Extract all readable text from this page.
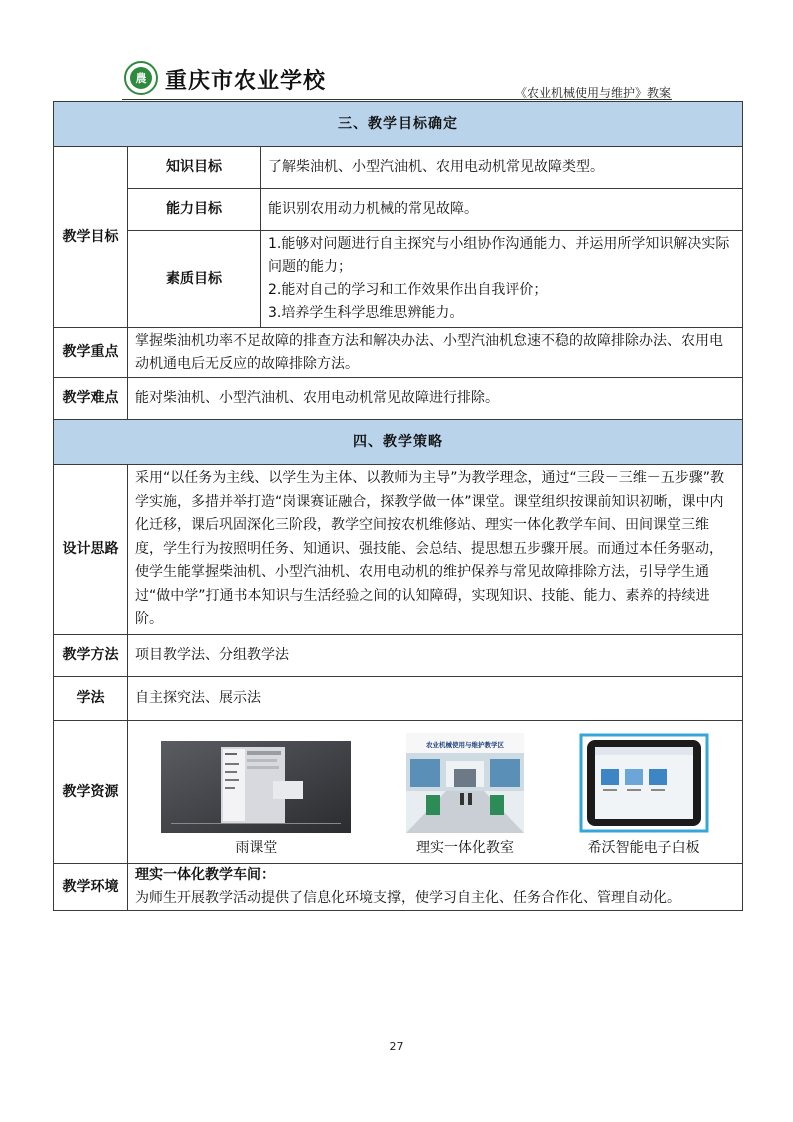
農 重庆市农业学校	《农业机械使用与维护》教案
三、教学目标确定		
教学目标	知识目标	了解柴油机、小型汽油机、农用电动机常见故障类型。
	能力目标	能识别农用动力机械的常见故障。
	素质目标	1.能够对问题进行自主探究与小组协作沟通能力、并运用所学知识解决实际问题的能力；
2.能对自己的学习和工作效果作出自我评价；
3.培养学生科学思维思辨能力。

教学重点	掌握柴油机功率不足故障的排查方法和解决办法、小型汽油机怠速不稳的故障排除办法、农用电动机通电后无反应的故障排除方法。	
教学难点	能对柴油机、小型汽油机、农用电动机常见故障进行排除。	
四、教学策略		
设计思路	采用“以任务为主线、以学生为主体、以教师为主导”为教学理念，通过“三段－三维－五步骤”教学实施，多措并举打造“岗课赛证融合，探教学做一体”课堂。课堂组织按课前知识初晰，课中内化迁移，课后巩固深化三阶段，教学空间按农机维修站、理实一体化教学车间、田间课堂三维度，学生行为按照明任务、知通识、强技能、会总结、提思想五步骤开展。而通过本任务驱动，使学生能掌握柴油机、小型汽油机、农用电动机的维护保养与常见故障排除方法，引导学生通过“做中学”打通书本知识与生活经验之间的认知障碍，实现知识、技能、能力、素养的持续进阶。	
教学方法	项目教学法、分组教学法	
学法	自主探究法、展示法	
教学资源	雨课堂
农业机械使用与维护教学区
理实一体化教室 希沃智能电子白板	

教学环境	理实一体化教学车间：
为师生开展教学活动提供了信息化环境支撑，使学习自主化、任务合作化、管理自动化。	
27
